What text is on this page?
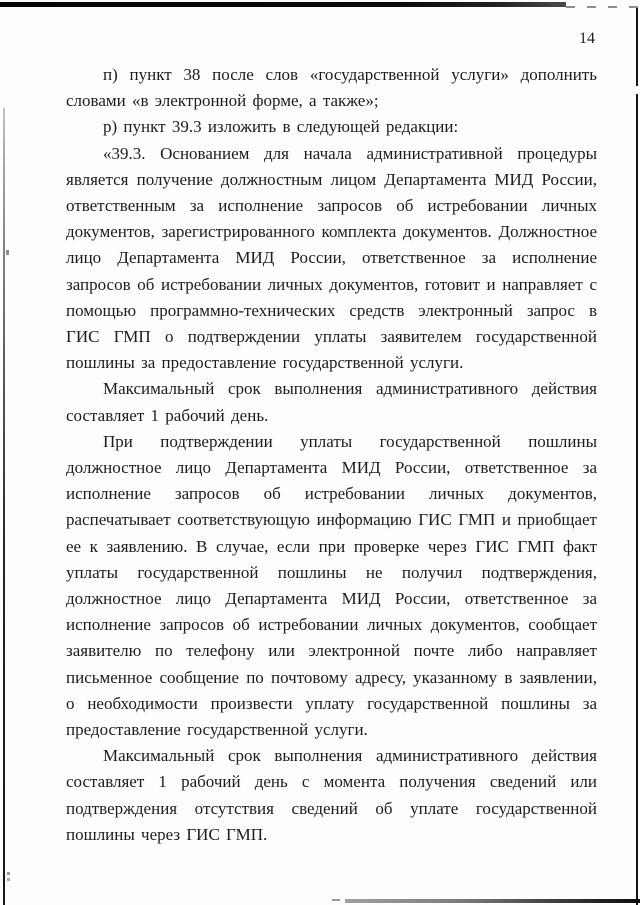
14

п) пункт 38 после слов «государственной услуги» дополнить словами «в электронной форме, а также»;

р) пункт 39.3 изложить в следующей редакции:

«39.3. Основанием для начала административной процедуры является получение должностным лицом Департамента МИД России, ответственным за исполнение запросов об истребовании личных документов, зарегистрированного комплекта документов. Должностное лицо Департамента МИД России, ответственное за исполнение запросов об истребовании личных документов, готовит и направляет с помощью программно-технических средств электронный запрос в ГИС ГМП о подтверждении уплаты заявителем государственной пошлины за предоставление государственной услуги.

Максимальный срок выполнения административного действия составляет 1 рабочий день.

При подтверждении уплаты государственной пошлины должностное лицо Департамента МИД России, ответственное за исполнение запросов об истребовании личных документов, распечатывает соответствующую информацию ГИС ГМП и приобщает ее к заявлению. В случае, если при проверке через ГИС ГМП факт уплаты государственной пошлины не получил подтверждения, должностное лицо Департамента МИД России, ответственное за исполнение запросов об истребовании личных документов, сообщает заявителю по телефону или электронной почте либо направляет письменное сообщение по почтовому адресу, указанному в заявлении, о необходимости произвести уплату государственной пошлины за предоставление государственной услуги.

Максимальный срок выполнения административного действия составляет 1 рабочий день с момента получения сведений или подтверждения отсутствия сведений об уплате государственной пошлины через ГИС ГМП.
